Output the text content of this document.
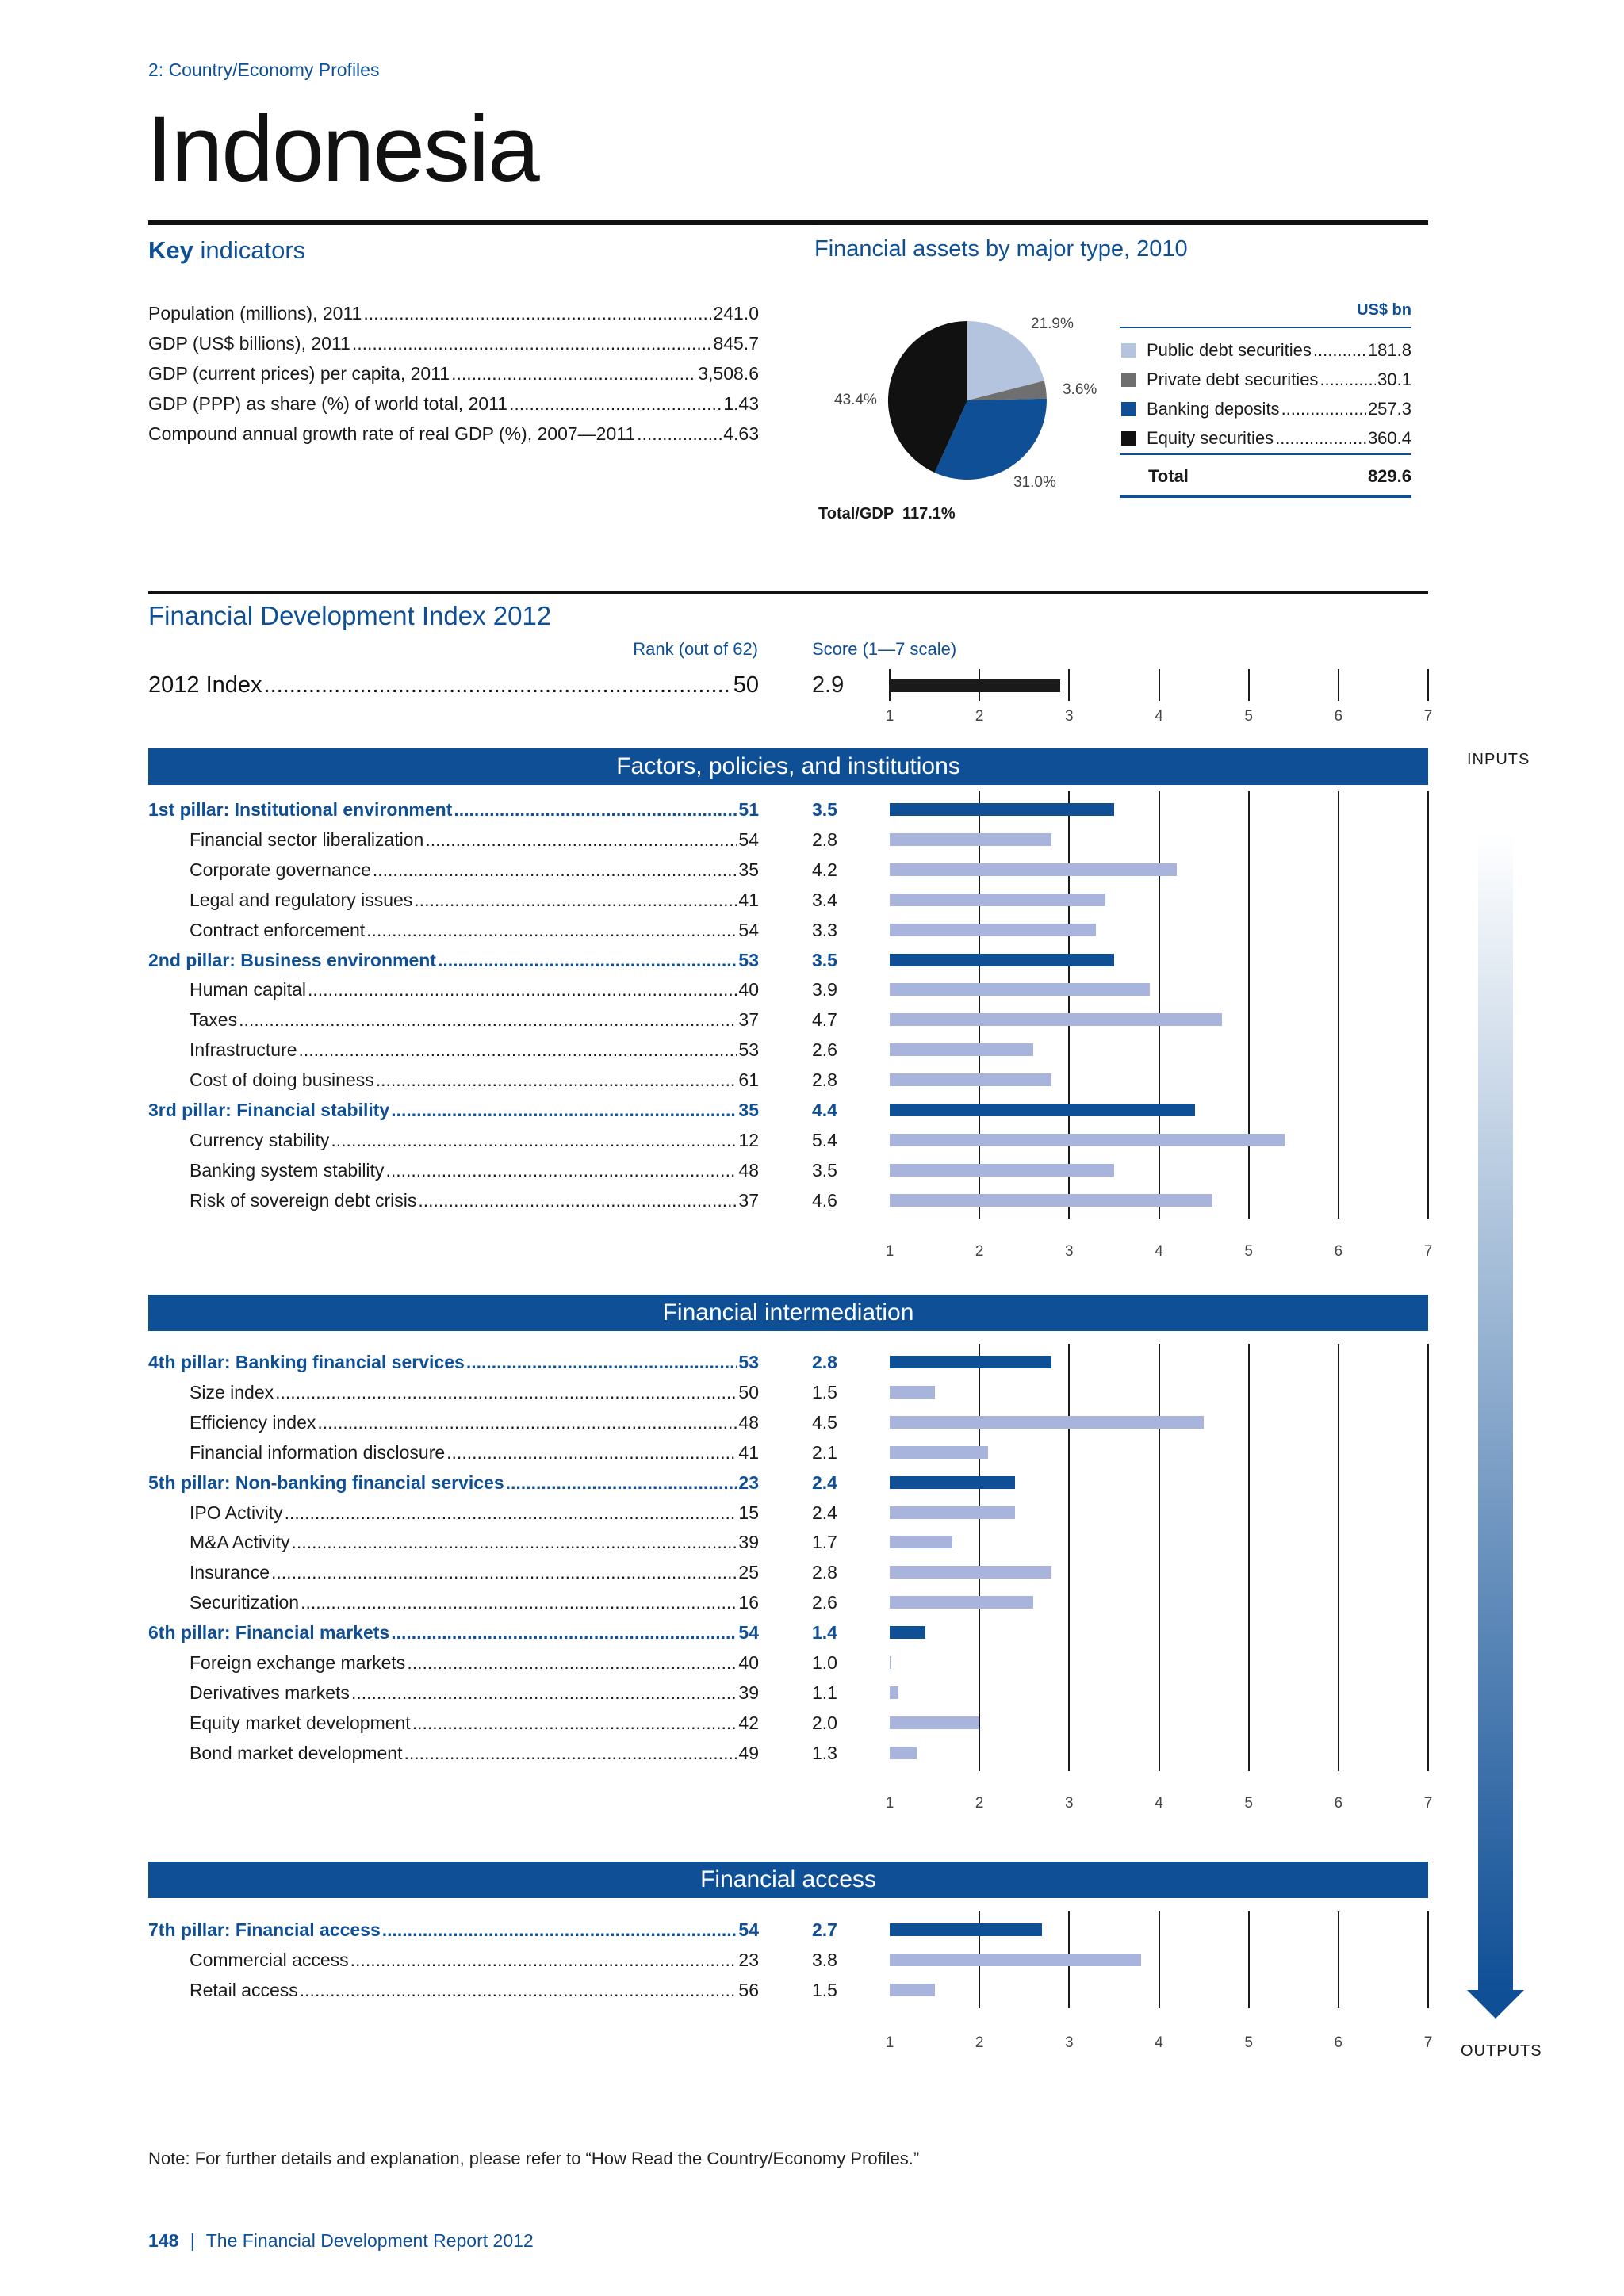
2: Country/Economy Profiles
Indonesia
Key indicators	Financial assets by major type, 2010
21.9%
3.6%
31.0%
43.4%
Total/GDP  117.1%
US$ bn
Total	829.6
Financial Development Index 2012
Rank (out of 62)	Score (1—7 scale)
2012 Index .....	50 2.9
INPUTS
OUTPUTS
Note: For further details and explanation, please refer to “How Read the Country/Economy Profiles.”
148 | The Financial Development Report 2012
Population (millions), 2011 .....	241.0
GDP (US$ billions), 2011 .....	845.7
GDP (current prices) per capita, 2011 .....	3,508.6
GDP (PPP) as share (%) of world total, 2011 .....	1.43
Compound annual growth rate of real GDP (%), 2007—2011 .....	4.63
Public debt securities .....	181.8
Private debt securities .....	30.1
Banking deposits .....	257.3
Equity securities .....	360.4
1	2	3	4	5	6	7
Factors, policies, and institutions
1st pillar: Institutional environment .....	51	3.5
Financial sector liberalization .....	54	2.8
Corporate governance .....	35	4.2
Legal and regulatory issues .....	41	3.4
Contract enforcement .....	54	3.3
2nd pillar: Business environment .....	53	3.5
Human capital .....	40	3.9
Taxes .....	37	4.7
Infrastructure .....	53	2.6
Cost of doing business .....	61	2.8
3rd pillar: Financial stability .....	35	4.4
Currency stability .....	12	5.4
Banking system stability .....	48	3.5
Risk of sovereign debt crisis .....	37	4.6
1	2	3	4	5	6	7
Financial intermediation
4th pillar: Banking financial services .....	53	2.8
Size index .....	50	1.5
Efficiency index .....	48	4.5
Financial information disclosure .....	41	2.1
5th pillar: Non-banking financial services .....	23	2.4
IPO Activity .....	15	2.4
M&A Activity .....	39	1.7
Insurance .....	25	2.8
Securitization .....	16	2.6
6th pillar: Financial markets .....	54	1.4
Foreign exchange markets .....	40	1.0
Derivatives markets .....	39	1.1
Equity market development .....	42	2.0
Bond market development .....	49	1.3
1	2	3	4	5	6	7
Financial access
7th pillar: Financial access .....	54	2.7
Commercial access .....	23	3.8
Retail access .....	56	1.5
1	2	3	4	5	6	7
